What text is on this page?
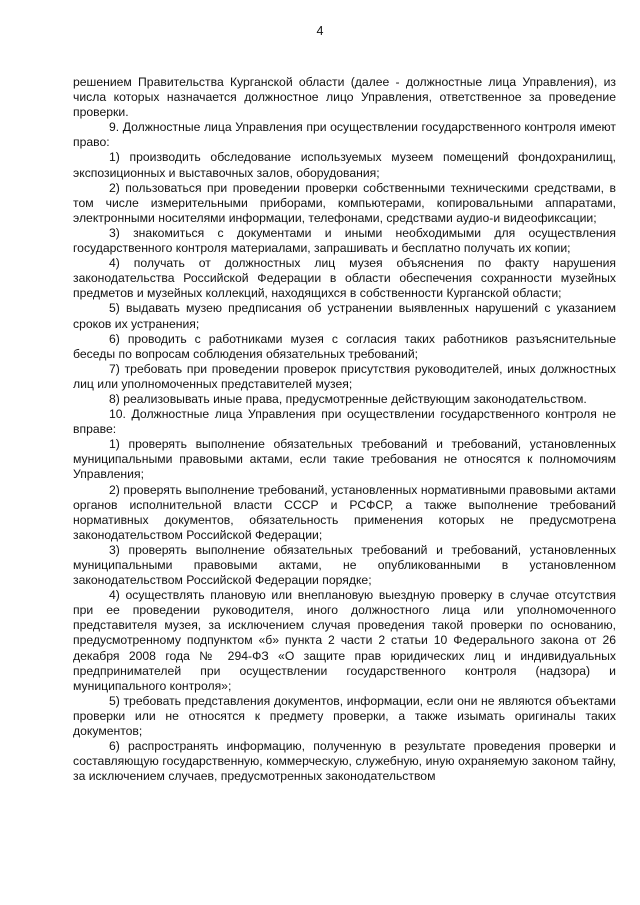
4

решением Правительства Курганской области (далее - должностные лица Управления), из числа которых назначается должностное лицо Управления, ответственное за проведение проверки.

9. Должностные лица Управления при осуществлении государственного контроля имеют право:

1) производить обследование используемых музеем помещений фондохранилищ, экспозиционных и выставочных залов, оборудования;

2) пользоваться при проведении проверки собственными техническими средствами, в том числе измерительными приборами, компьютерами, копировальными аппаратами, электронными носителями информации, телефонами, средствами аудио-и видеофиксации;

3) знакомиться с документами и иными необходимыми для осуществления государственного контроля материалами, запрашивать и бесплатно получать их копии;

4) получать от должностных лиц музея объяснения по факту нарушения законодательства Российской Федерации в области обеспечения сохранности музейных предметов и музейных коллекций, находящихся в собственности Курганской области;

5) выдавать музею предписания об устранении выявленных нарушений с указанием сроков их устранения;

6) проводить с работниками музея с согласия таких работников разъяснительные беседы по вопросам соблюдения обязательных требований;

7) требовать при проведении проверок присутствия руководителей, иных должностных лиц или уполномоченных представителей музея;

8) реализовывать иные права, предусмотренные действующим законодательством.

10. Должностные лица Управления при осуществлении государственного контроля не вправе:

1) проверять выполнение обязательных требований и требований, установленных муниципальными правовыми актами, если такие требования не относятся к полномочиям Управления;

2) проверять выполнение требований, установленных нормативными правовыми актами органов исполнительной власти СССР и РСФСР, а также выполнение требований нормативных документов, обязательность применения которых не предусмотрена законодательством Российской Федерации;

3) проверять выполнение обязательных требований и требований, установленных муниципальными правовыми актами, не опубликованными в установленном законодательством Российской Федерации порядке;

4) осуществлять плановую или внеплановую выездную проверку в случае отсутствия при ее проведении руководителя, иного должностного лица или уполномоченного представителя музея, за исключением случая проведения такой проверки по основанию, предусмотренному подпунктом «б» пункта 2 части 2 статьи 10 Федерального закона от 26 декабря 2008 года № 294-ФЗ «О защите прав юридических лиц и индивидуальных предпринимателей при осуществлении государственного контроля (надзора) и муниципального контроля»;

5) требовать представления документов, информации, если они не являются объектами проверки или не относятся к предмету проверки, а также изымать оригиналы таких документов;

6) распространять информацию, полученную в результате проведения проверки и составляющую государственную, коммерческую, служебную, иную охраняемую законом тайну, за исключением случаев, предусмотренных законодательством
